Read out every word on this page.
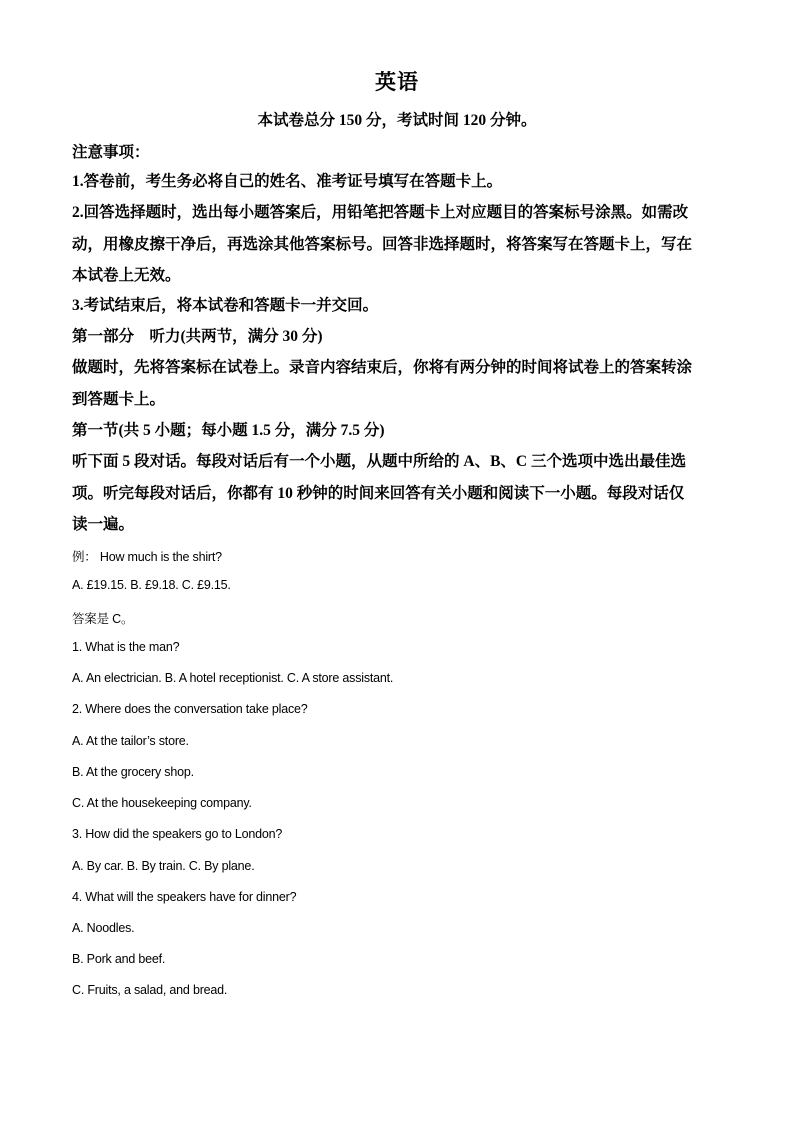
英语
本试卷总分 150 分，考试时间 120 分钟。
注意事项：
1.答卷前，考生务必将自己的姓名、准考证号填写在答题卡上。
2.回答选择题时，选出每小题答案后，用铅笔把答题卡上对应题目的答案标号涂黑。如需改
动，用橡皮擦干净后，再选涂其他答案标号。回答非选择题时，将答案写在答题卡上，写在
本试卷上无效。
3.考试结束后，将本试卷和答题卡一并交回。
第一部分　听力(共两节，满分 30 分)
做题时，先将答案标在试卷上。录音内容结束后，你将有两分钟的时间将试卷上的答案转涂
到答题卡上。
第一节(共 5 小题；每小题 1.5 分，满分 7.5 分)
听下面 5 段对话。每段对话后有一个小题，从题中所给的 A、B、C 三个选项中选出最佳选
项。听完每段对话后，你都有 10 秒钟的时间来回答有关小题和阅读下一小题。每段对话仅
读一遍。
例： How much is the shirt?
A. £19.15. B. £9.18. C. £9.15.
答案是 C。
1. What is the man?
A. An electrician. B. A hotel receptionist. C. A store assistant.
2. Where does the conversation take place?
A. At the tailor’s store.
B. At the grocery shop.
C. At the housekeeping company.
3. How did the speakers go to London?
A. By car. B. By train. C. By plane.
4. What will the speakers have for dinner?
A. Noodles.
B. Pork and beef.
C. Fruits, a salad, and bread.
